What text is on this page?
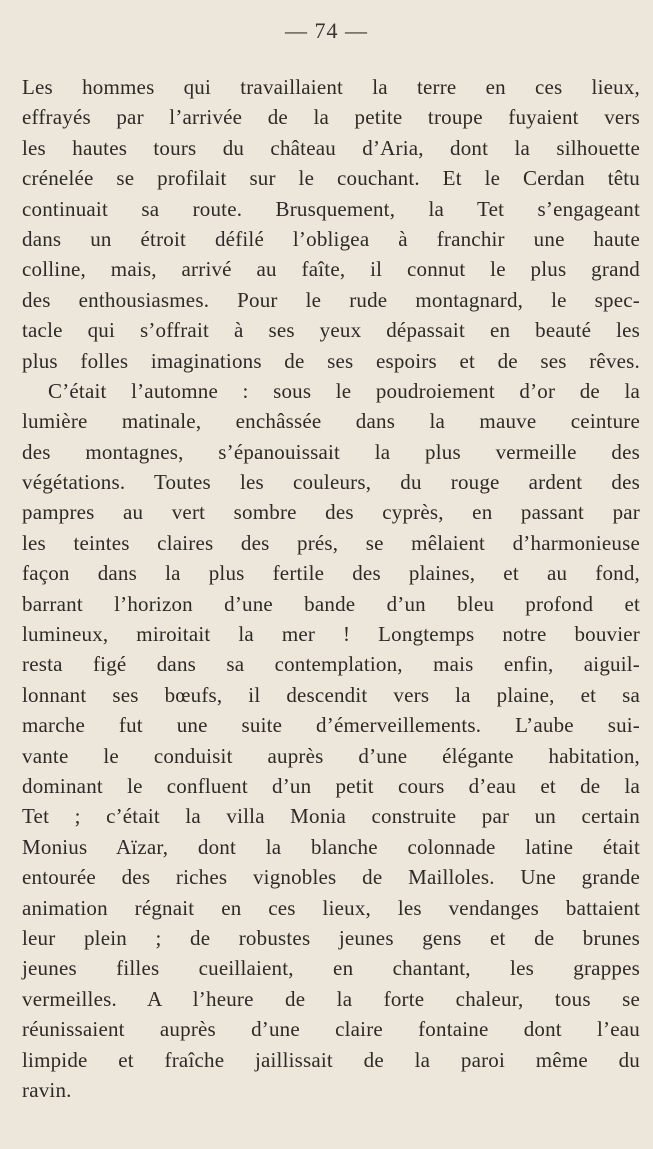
— 74 —
Les hommes qui travaillaient la terre en ces lieux,
effrayés par l’arrivée de la petite troupe fuyaient vers
les hautes tours du château d’Aria, dont la silhouette
crénelée se profilait sur le couchant. Et le Cerdan têtu
continuait sa route. Brusquement, la Tet s’engageant
dans un étroit défilé l’obligea à franchir une haute
colline, mais, arrivé au faîte, il connut le plus grand
des enthousiasmes. Pour le rude montagnard, le spec-
tacle qui s’offrait à ses yeux dépassait en beauté les
plus folles imaginations de ses espoirs et de ses rêves.
C’était l’automne : sous le poudroiement d’or de la
lumière matinale, enchâssée dans la mauve ceinture
des montagnes, s’épanouissait la plus vermeille des
végétations. Toutes les couleurs, du rouge ardent des
pampres au vert sombre des cyprès, en passant par
les teintes claires des prés, se mêlaient d’harmonieuse
façon dans la plus fertile des plaines, et au fond,
barrant l’horizon d’une bande d’un bleu profond et
lumineux, miroitait la mer ! Longtemps notre bouvier
resta figé dans sa contemplation, mais enfin, aiguil-
lonnant ses bœufs, il descendit vers la plaine, et sa
marche fut une suite d’émerveillements. L’aube sui-
vante le conduisit auprès d’une élégante habitation,
dominant le confluent d’un petit cours d’eau et de la
Tet ; c’était la villa Monia construite par un certain
Monius Aïzar, dont la blanche colonnade latine était
entourée des riches vignobles de Mailloles. Une grande
animation régnait en ces lieux, les vendanges battaient
leur plein ; de robustes jeunes gens et de brunes
jeunes filles cueillaient, en chantant, les grappes
vermeilles. A l’heure de la forte chaleur, tous se
réunissaient auprès d’une claire fontaine dont l’eau
limpide et fraîche jaillissait de la paroi même du
ravin.
